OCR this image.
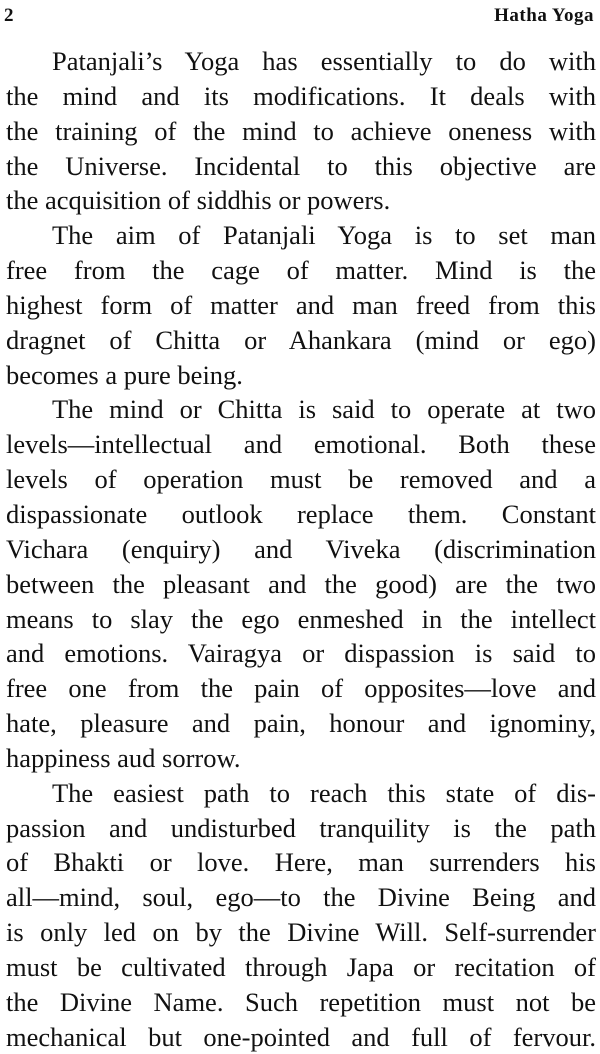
2	Hatha Yoga
Patanjali’s Yoga has essentially to do with
the mind and its modifications. It deals with
the training of the mind to achieve oneness with
the Universe. Incidental to this objective are
the acquisition of siddhis or powers.
The aim of Patanjali Yoga is to set man
free from the cage of matter. Mind is the
highest form of matter and man freed from this
dragnet of Chitta or Ahankara (mind or ego)
becomes a pure being.
The mind or Chitta is said to operate at two
levels—intellectual and emotional. Both these
levels of operation must be removed and a
dispassionate outlook replace them. Constant
Vichara (enquiry) and Viveka (discrimination
between the pleasant and the good) are the two
means to slay the ego enmeshed in the intellect
and emotions. Vairagya or dispassion is said to
free one from the pain of opposites—love and
hate, pleasure and pain, honour and ignominy,
happiness aud sorrow.
The easiest path to reach this state of dis-
passion and undisturbed tranquility is the path
of Bhakti or love. Here, man surrenders his
all—mind, soul, ego—to the Divine Being and
is only led on by the Divine Will. Self-surrender
must be cultivated through Japa or recitation of
the Divine Name. Such repetition must not be
mechanical but one-pointed and full of fervour.
